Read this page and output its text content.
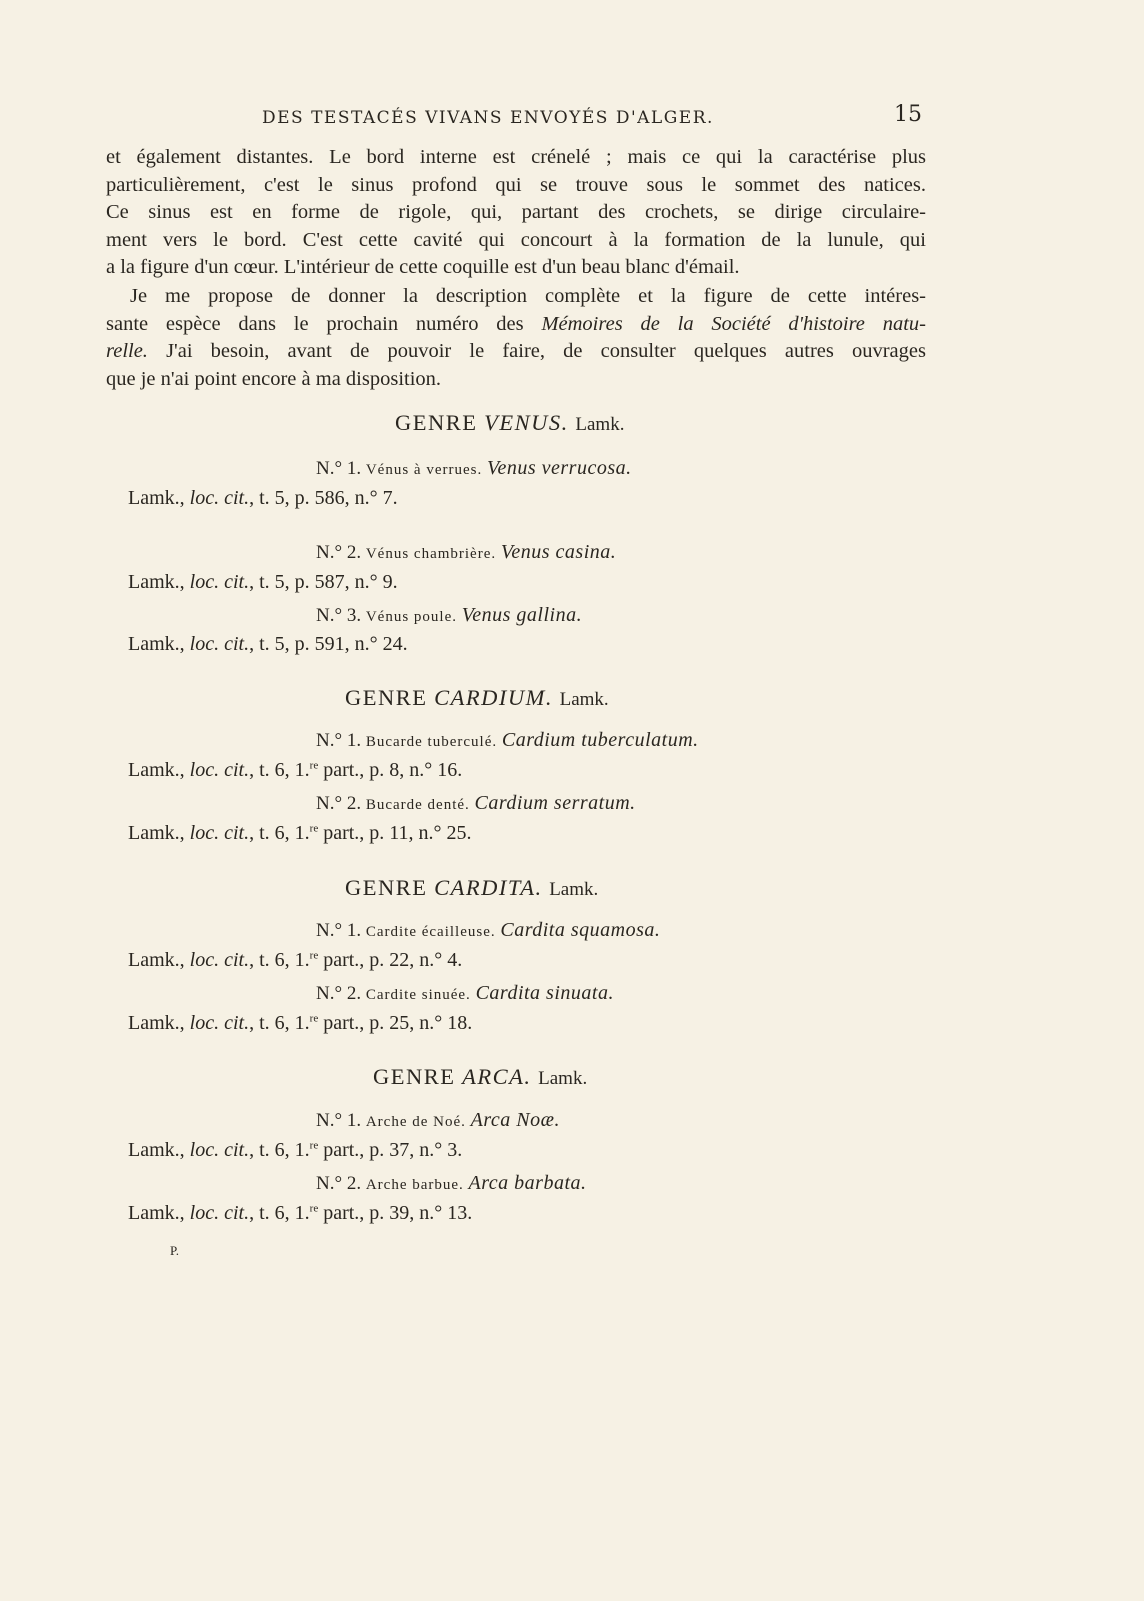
DES TESTACÉS VIVANS ENVOYÉS D'ALGER.	15
et également distantes. Le bord interne est crénelé ; mais ce qui la caractérise plus
particulièrement, c'est le sinus profond qui se trouve sous le sommet des natices.
Ce sinus est en forme de rigole, qui, partant des crochets, se dirige circulaire-
ment vers le bord. C'est cette cavité qui concourt à la formation de la lunule, qui
a la figure d'un cœur. L'intérieur de cette coquille est d'un beau blanc d'émail.
Je me propose de donner la description complète et la figure de cette intéres-
sante espèce dans le prochain numéro des Mémoires de la Société d'histoire natu-
relle. J'ai besoin, avant de pouvoir le faire, de consulter quelques autres ouvrages
que je n'ai point encore à ma disposition.
GENRE VENUS. Lamk.
N.° 1. Vénus à verrues. Venus verrucosa.
Lamk., loc. cit., t. 5, p. 586, n.° 7.
N.° 2. Vénus chambrière. Venus casina.
Lamk., loc. cit., t. 5, p. 587, n.° 9.
N.° 3. Vénus poule. Venus gallina.
Lamk., loc. cit., t. 5, p. 591, n.° 24.
GENRE CARDIUM. Lamk.
N.° 1. Bucarde tuberculé. Cardium tuberculatum.
Lamk., loc. cit., t. 6, 1.$^{re}$ part., p. 8, n.° 16.
N.° 2. Bucarde denté. Cardium serratum.
Lamk., loc. cit., t. 6, 1.$^{re}$ part., p. 11, n.° 25.
GENRE CARDITA. Lamk.
N.° 1. Cardite écailleuse. Cardita squamosa.
Lamk., loc. cit., t. 6, 1.$^{re}$ part., p. 22, n.° 4.
N.° 2. Cardite sinuée. Cardita sinuata.
Lamk., loc. cit., t. 6, 1.$^{re}$ part., p. 25, n.° 18.
GENRE ARCA. Lamk.
N.° 1. Arche de Noé. Arca Noæ.
Lamk., loc. cit., t. 6, 1.$^{re}$ part., p. 37, n.° 3.
N.° 2. Arche barbue. Arca barbata.
Lamk., loc. cit., t. 6, 1.$^{re}$ part., p. 39, n.° 13.
P.
